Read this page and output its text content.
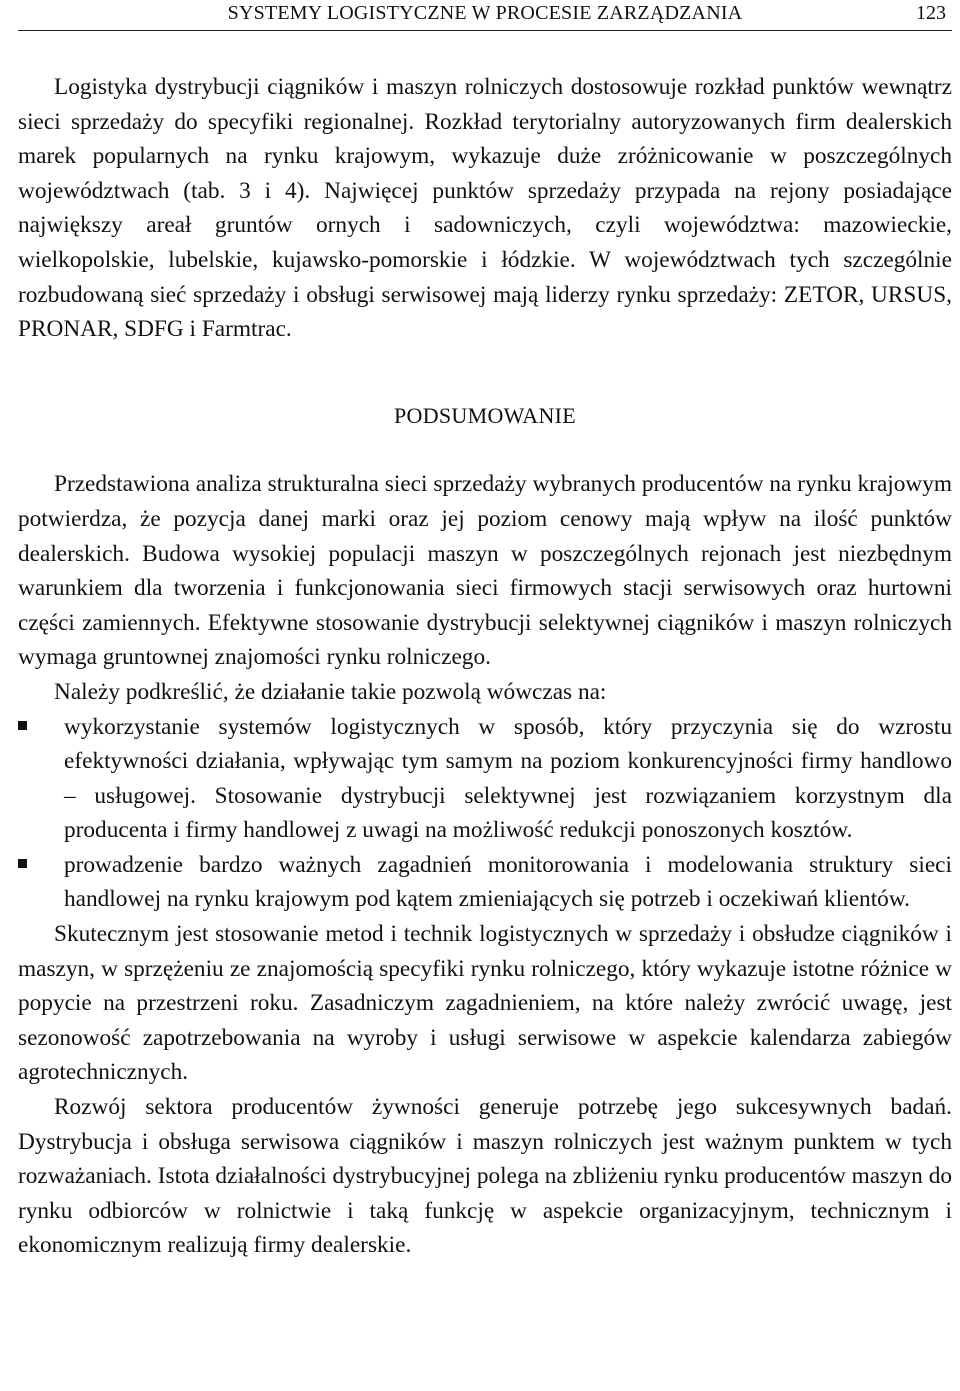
SYSTEMY LOGISTYCZNE W PROCESIE ZARZĄDZANIA	123

Logistyka dystrybucji ciągników i maszyn rolniczych dostosowuje rozkład punktów wewnątrz sieci sprzedaży do specyfiki regionalnej. Rozkład terytorialny autoryzowanych firm dealerskich marek popularnych na rynku krajowym, wykazuje duże zróżnicowanie w poszczególnych województwach (tab. 3 i 4). Najwięcej punktów sprzedaży przypada na rejony posiadające największy areał gruntów ornych i sadowniczych, czyli województwa: mazowieckie, wielkopolskie, lubelskie, kujawsko-pomorskie i łódzkie. W województwach tych szczególnie rozbudowaną sieć sprzedaży i obsługi serwisowej mają liderzy rynku sprzedaży: ZETOR, URSUS, PRONAR, SDFG i Farmtrac.

PODSUMOWANIE

Przedstawiona analiza strukturalna sieci sprzedaży wybranych producentów na rynku krajowym potwierdza, że pozycja danej marki oraz jej poziom cenowy mają wpływ na ilość punktów dealerskich. Budowa wysokiej populacji maszyn w poszczególnych rejonach jest niezbędnym warunkiem dla tworzenia i funkcjonowania sieci firmowych stacji serwisowych oraz hurtowni części zamiennych. Efektywne stosowanie dystrybucji selektywnej ciągników i maszyn rolniczych wymaga gruntownej znajomości rynku rolniczego.

Należy podkreślić, że działanie takie pozwolą wówczas na:

wykorzystanie systemów logistycznych w sposób, który przyczynia się do wzrostu efektywności działania, wpływając tym samym na poziom konkurencyjności firmy handlowo – usługowej. Stosowanie dystrybucji selektywnej jest rozwiązaniem korzystnym dla producenta i firmy handlowej z uwagi na możliwość redukcji ponoszonych kosztów.
prowadzenie bardzo ważnych zagadnień monitorowania i modelowania struktury sieci handlowej na rynku krajowym pod kątem zmieniających się potrzeb i oczekiwań klientów.

Skutecznym jest stosowanie metod i technik logistycznych w sprzedaży i obsłudze ciągników i maszyn, w sprzężeniu ze znajomością specyfiki rynku rolniczego, który wykazuje istotne różnice w popycie na przestrzeni roku. Zasadniczym zagadnieniem, na które należy zwrócić uwagę, jest sezonowość zapotrzebowania na wyroby i usługi serwisowe w aspekcie kalendarza zabiegów agrotechnicznych.

Rozwój sektora producentów żywności generuje potrzebę jego sukcesywnych badań. Dystrybucja i obsługa serwisowa ciągników i maszyn rolniczych jest ważnym punktem w tych rozważaniach. Istota działalności dystrybucyjnej polega na zbliżeniu rynku producentów maszyn do rynku odbiorców w rolnictwie i taką funkcję w aspekcie organizacyjnym, technicznym i ekonomicznym realizują firmy dealerskie.
